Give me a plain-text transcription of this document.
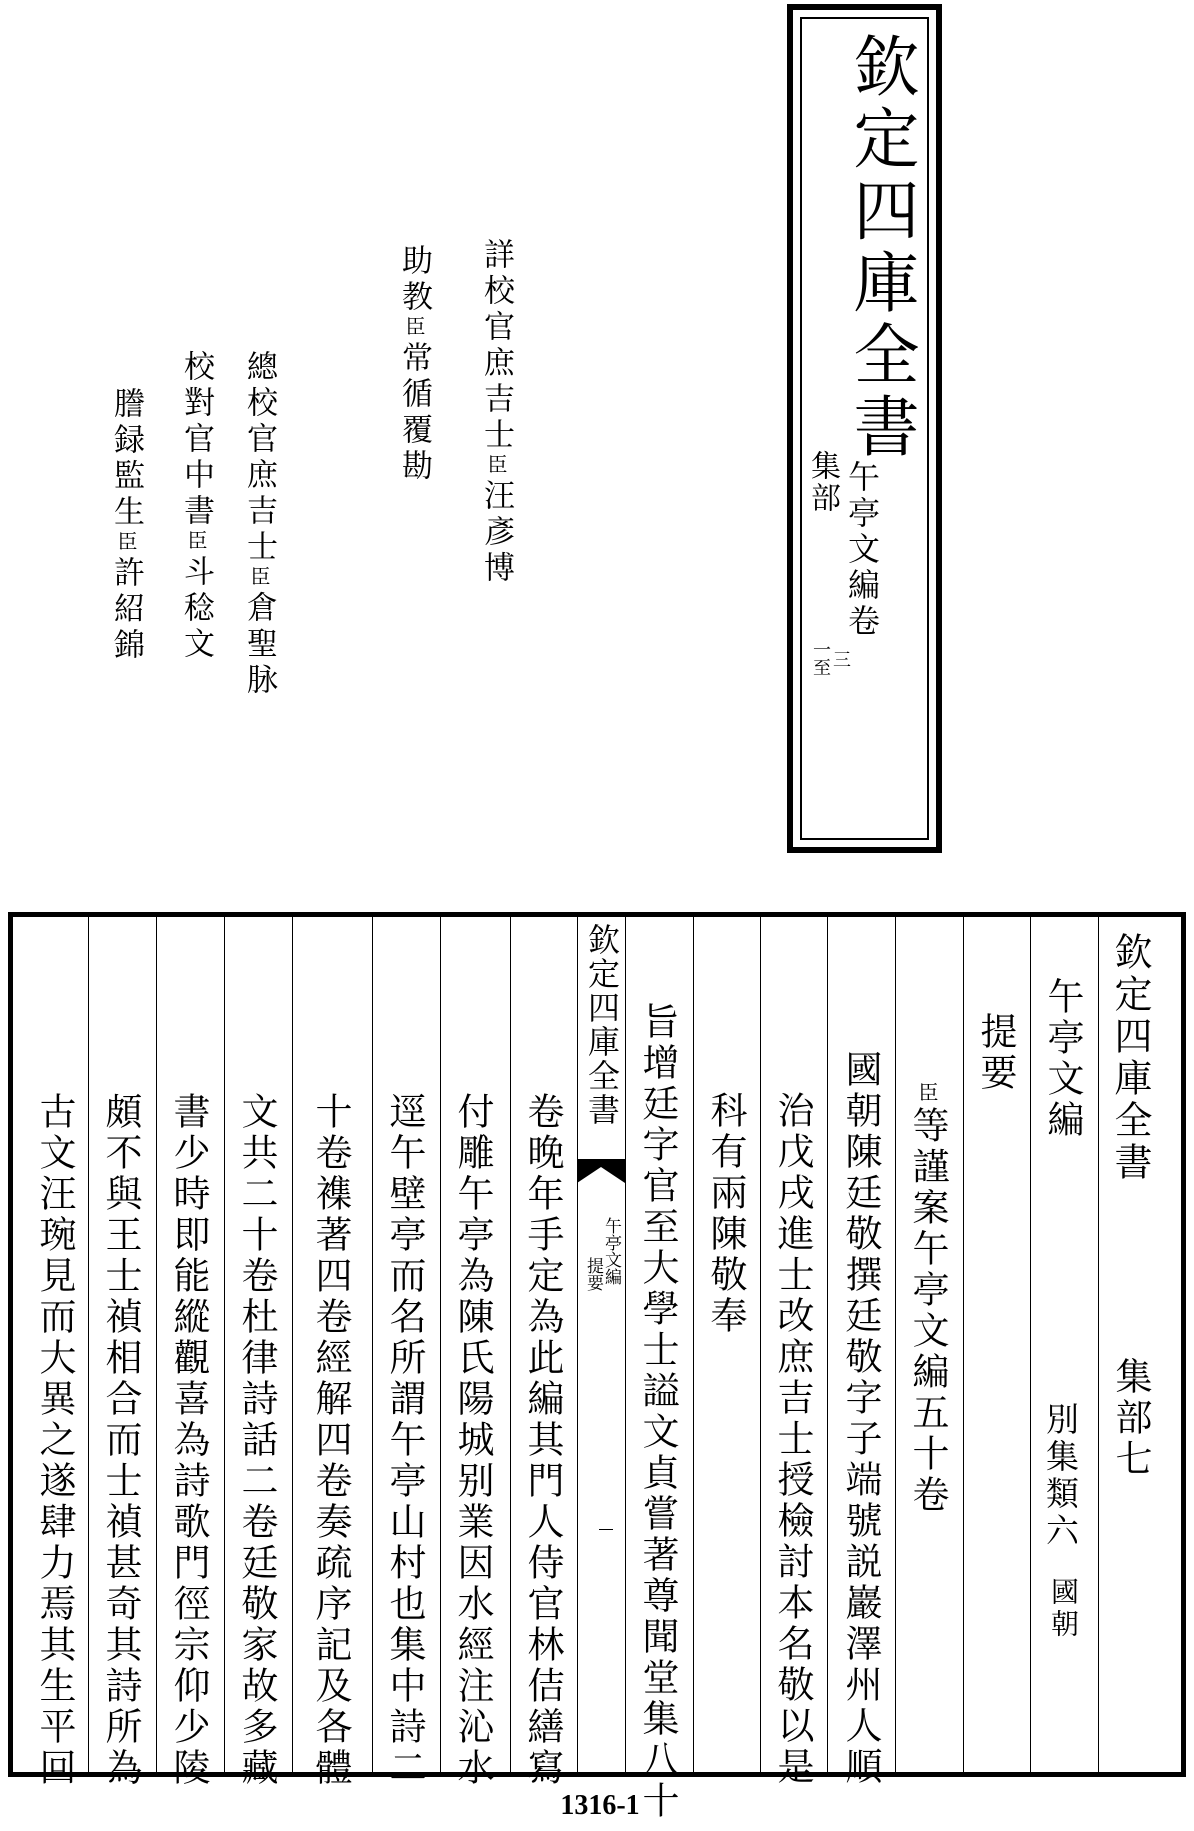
欽定四庫全書
集部 午亭文編卷
一至 三
詳校官庶吉士臣汪彥博
助教臣常循覆勘
總校官庶吉士臣倉聖脉
校對官中書臣斗稔文
謄録監生臣許紹錦
欽定四庫全書
集部七
午亭文編
別集類六
國朝
提要
臣等謹案午亭文編五十卷
國朝陳廷敬撰廷敬字子端號説巖澤州人順
治戊戌進士改庶吉士授檢討本名敬以是
科有兩陳敬奉
旨增廷字官至大學士謚文貞嘗著尊聞堂集八十
欽定四庫全書
午亭文編
提要
卷晚年手定為此編其門人侍官林佶繕寫
付雕午亭為陳氏陽城别業因水經注沁水
逕午壁亭而名所謂午亭山村也集中詩二
十卷襍著四卷經解四卷奏疏序記及各體
文共二十卷杜律詩話二卷廷敬家故多藏
書少時即能縱觀喜為詩歌門徑宗仰少陵
頗不與王士禎相合而士禎甚奇其詩所為
古文汪琬見而大異之遂肆力焉其生平回
1316-1
